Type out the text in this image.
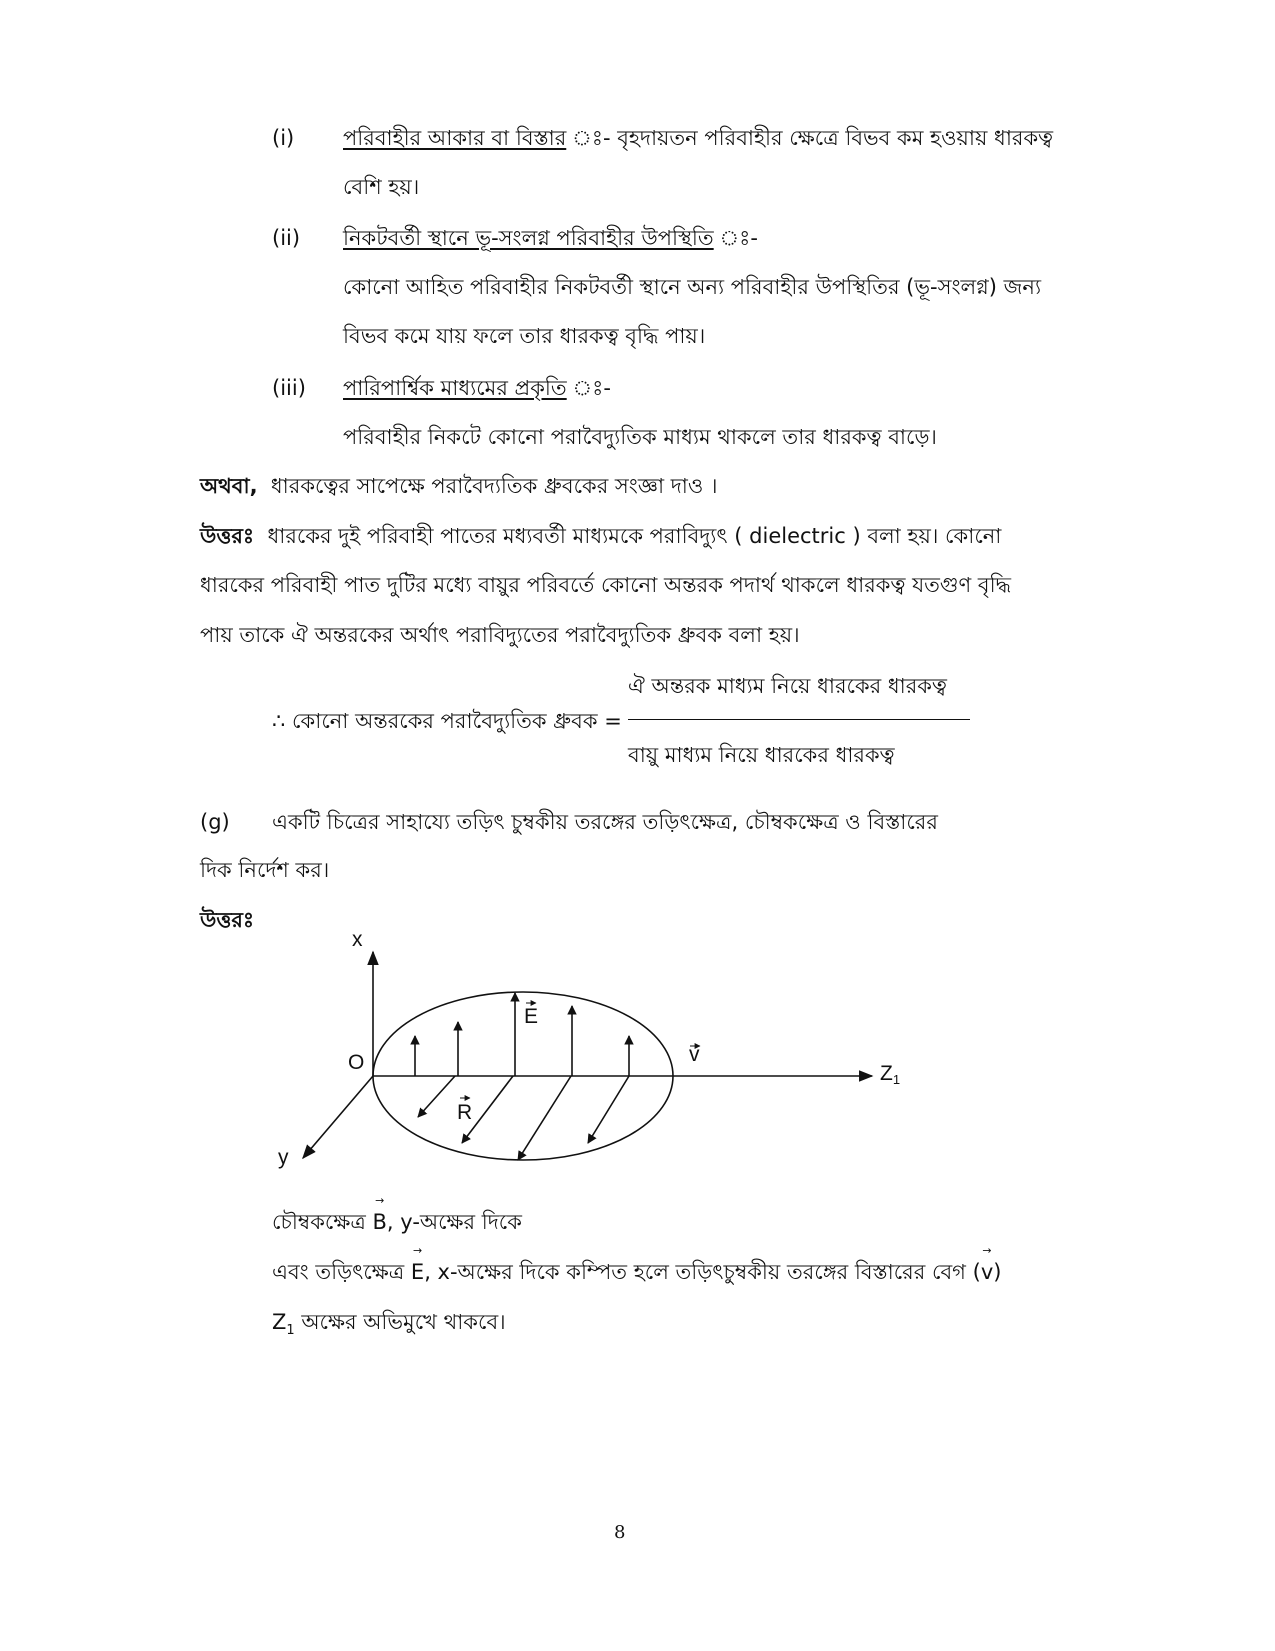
(i) পরিবাহীর আকার বা বিস্তার ঃ- বৃহদায়তন পরিবাহীর ক্ষেত্রে বিভব কম হওয়ায় ধারকত্ব
বেশি হয়।
(ii) নিকটবর্তী স্থানে ভূ-সংলগ্ন পরিবাহীর উপস্থিতি ঃ-
কোনো আহিত পরিবাহীর নিকটবর্তী স্থানে অন্য পরিবাহীর উপস্থিতির (ভূ-সংলগ্ন) জন্য
বিভব কমে যায় ফলে তার ধারকত্ব বৃদ্ধি পায়।
(iii) পারিপার্শ্বিক মাধ্যমের প্রকৃতি ঃ-
পরিবাহীর নিকটে কোনো পরাবৈদ্যুতিক মাধ্যম থাকলে তার ধারকত্ব বাড়ে।
অথবা, ধারকত্বের সাপেক্ষে পরাবৈদ্যতিক ধ্রুবকের সংজ্ঞা দাও ।
উত্তরঃ ধারকের দুই পরিবাহী পাতের মধ্যবর্তী মাধ্যমকে পরাবিদ্যুৎ ( dielectric ) বলা হয়। কোনো
ধারকের পরিবাহী পাত দুটির মধ্যে বায়ুর পরিবর্তে কোনো অন্তরক পদার্থ থাকলে ধারকত্ব যতগুণ বৃদ্ধি
পায় তাকে ঐ অন্তরকের অর্থাৎ পরাবিদ্যুতের পরাবৈদ্যুতিক ধ্রুবক বলা হয়।
ঐ অন্তরক মাধ্যম নিয়ে ধারকের ধারকত্ব
∴ কোনো অন্তরকের পরাবৈদ্যুতিক ধ্রুবক =
বায়ু মাধ্যম নিয়ে ধারকের ধারকত্ব
(g) একটি চিত্রের সাহায্যে তড়িৎ চুম্বকীয় তরঙ্গের তড়িৎক্ষেত্র, চৌম্বকক্ষেত্র ও বিস্তারের
দিক নির্দেশ কর।
উত্তরঃ
x
y
O	Z1
E
v
R
চৌম্বকক্ষেত্র → B, y-অক্ষের দিকে
এবং তড়িৎক্ষেত্র → E, x-অক্ষের দিকে কম্পিত হলে তড়িৎচুম্বকীয় তরঙ্গের বিস্তারের বেগ (→ v)
$Z_1$ অক্ষের অভিমুখে থাকবে।
8
